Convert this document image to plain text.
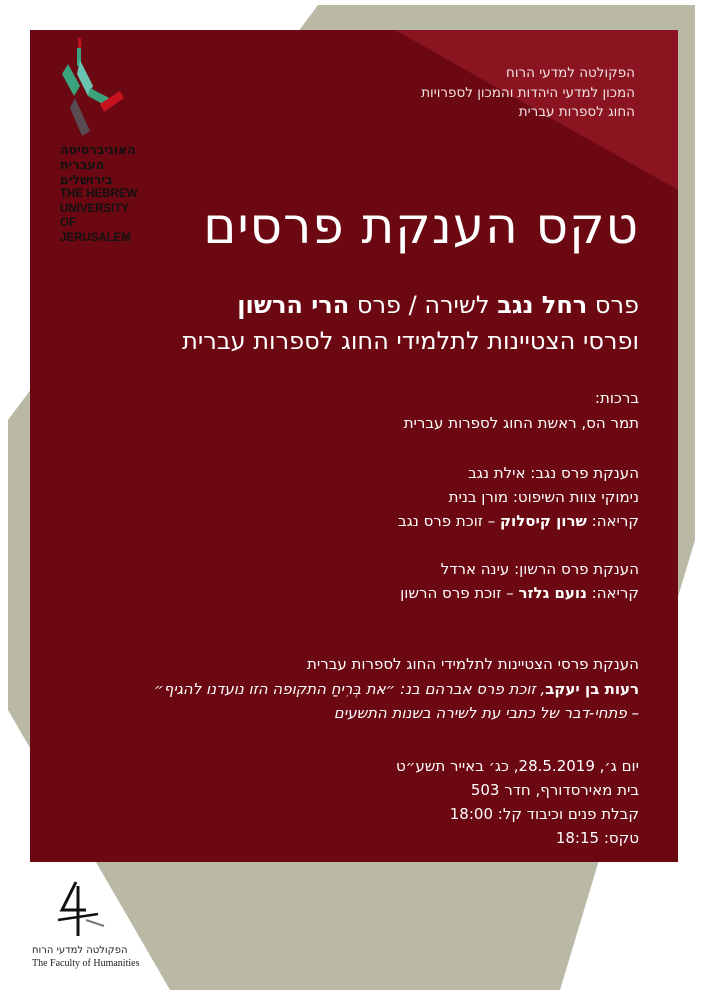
האוניברסיטה
העברית
בירושלים
THE HEBREW
UNIVERSITY
OF JERUSALEM
הפקולטה למדעי הרוח
המכון למדעי היהדות והמכון לספרויות
החוג לספרות עברית
טקס הענקת פרסים
פרס רחל נגב לשירה / פרס הרי הרשון
ופרסי הצטיינות לתלמידי החוג לספרות עברית
ברכות:
תמר הס, ראשת החוג לספרות עברית
הענקת פרס נגב: אילת נגב
נימוקי צוות השיפוט: מורן בנית
קריאה: שרון קיסלוק – זוכת פרס נגב
הענקת פרס הרשון: עינה ארדל
קריאה: נועם גלזר – זוכת פרס הרשון
הענקת פרסי הצטיינות לתלמידי החוג לספרות עברית
רעות בן יעקב, זוכת פרס אברהם בנ: ״את בְּרִיחַ התקופה הזו נועדנו להגיף״
– פתחי-דבר של כתבי עת לשירה בשנות התשעים
יום ג׳, 28.5.2019, כג׳ באייר תשע״ט
בית מאירסדורף, חדר 503
קבלת פנים וכיבוד קל: 18:00
טקס: 18:15
הפקולטה למדעי הרוח
The Faculty of Humanities
